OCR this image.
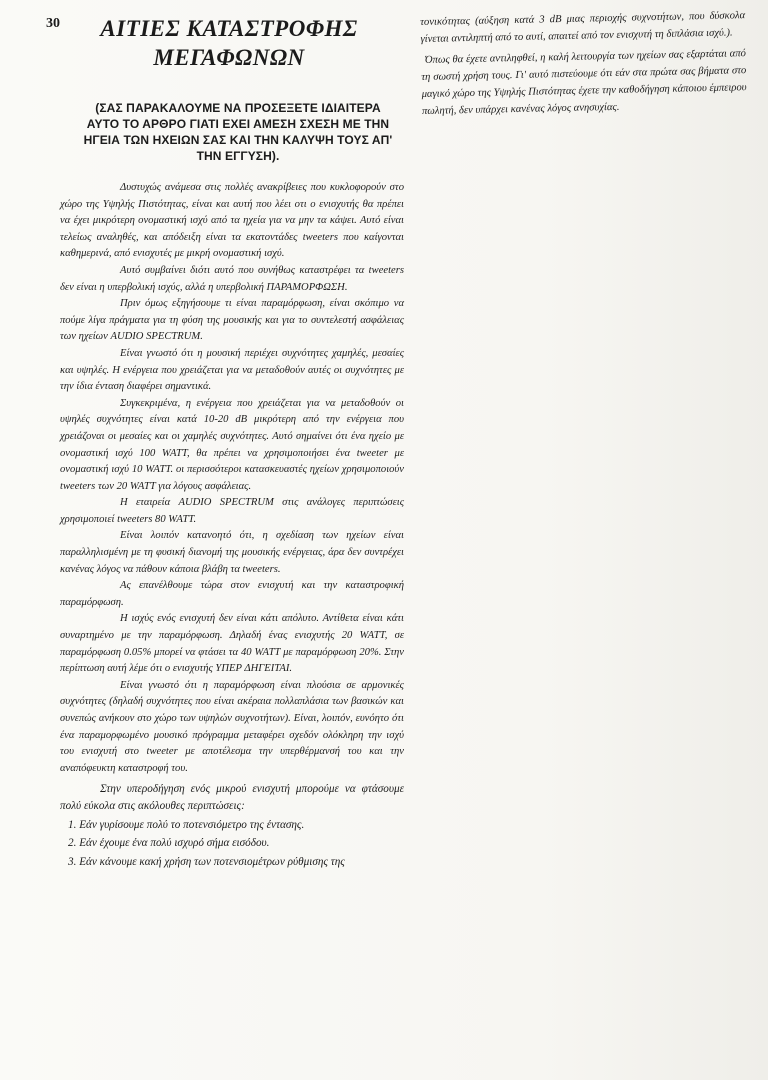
30	ΑΙΤΙΕΣ ΚΑΤΑΣΤΡΟΦΗΣ
ΜΕΓΑΦΩΝΩΝ
(ΣΑΣ ΠΑΡΑΚΑΛΟΥΜΕ ΝΑ ΠΡΟΣΕΞΕΤΕ ΙΔΙΑΙΤΕΡΑ ΑΥΤΟ ΤΟ ΑΡΘΡΟ ΓΙΑΤΙ ΕΧΕΙ ΑΜΕΣΗ ΣΧΕΣΗ ΜΕ ΤΗΝ ΗΓΕΙΑ ΤΩΝ ΗΧΕΙΩΝ ΣΑΣ ΚΑΙ ΤΗΝ ΚΑΛΥΨΗ ΤΟΥΣ ΑΠ' ΤΗΝ ΕΓΓΥΣΗ).

Δυστυχώς ανάμεσα στις πολλές ανακρίβειες που κυκλοφορούν στο χώρο της Υψηλής Πιστότητας, είναι και αυτή που λέει οτι ο ενισχυτής θα πρέπει να έχει μικρότερη ονομαστική ισχύ από τα ηχεία για να μην τα κάψει. Αυτό είναι τελείως αναληθές, και απόδειξη είναι τα εκατοντάδες tweeters που καίγονται καθημερινά, από ενισχυτές με μικρή ονομαστική ισχύ.

Αυτό συμβαίνει διότι αυτό που συνήθως καταστρέφει τα tweeters δεν είναι η υπερβολική ισχύς, αλλά η υπερβολική ΠΑΡΑΜΟΡΦΩΣΗ.

Πριν όμως εξηγήσουμε τι είναι παραμόρφωση, είναι σκόπιμο να πούμε λίγα πράγματα για τη φύση της μουσικής και για το συντελεστή ασφάλειας των ηχείων AUDIO SPECTRUM.

Είναι γνωστό ότι η μουσική περιέχει συχνότητες χαμηλές, μεσαίες και υψηλές. Η ενέργεια που χρειάζεται για να μεταδοθούν αυτές οι συχνότητες με την ίδια ένταση διαφέρει σημαντικά.

Συγκεκριμένα, η ενέργεια που χρειάζεται για να μεταδοθούν οι υψηλές συχνότητες είναι κατά 10-20 dB μικρότερη από την ενέργεια που χρειάζοναι οι μεσαίες και οι χαμηλές συχνότητες. Αυτό σημαίνει ότι ένα ηχείο με ονομαστική ισχύ 100 WATT, θα πρέπει να χρησιμοποιήσει ένα tweeter με ονομαστική ισχύ 10 WATT. οι περισσότεροι κατασκευαστές ηχείων χρησιμοποιούν tweeters των 20 WATT για λόγους ασφάλειας.

Η εταιρεία AUDIO SPECTRUM στις ανάλογες περιπτώσεις χρησιμοποιεί tweeters 80 WATT.

Είναι λοιπόν κατανοητό ότι, η σχεδίαση των ηχείων είναι παραλληλισμένη με τη φυσική διανομή της μουσικής ενέργειας, άρα δεν συντρέχει κανένας λόγος να πάθουν κάποια βλάβη τα tweeters.

Ας επανέλθουμε τώρα στον ενισχυτή και την καταστροφική παραμόρφωση.

Η ισχύς ενός ενισχυτή δεν είναι κάτι απόλυτο. Αντίθετα είναι κάτι συναρτημένο με την παραμόρφωση. Δηλαδή ένας ενισχυτής 20 WATT, σε παραμόρφωση 0.05% μπορεί να φτάσει τα 40 WATT με παραμόρφωση 20%. Στην περίπτωση αυτή λέμε ότι ο ενισχυτής ΥΠΕΡ ΔΗΓΕΙΤΑΙ.

Είναι γνωστό ότι η παραμόρφωση είναι πλούσια σε αρμονικές συχνότητες (δηλαδή συχνότητες που είναι ακέραια πολλαπλάσια των βασικών και συνεπώς ανήκουν στο χώρο των υψηλών συχνοτήτων). Είναι, λοιπόν, ευνόητο ότι ένα παραμορφωμένο μουσικό πρόγραμμα μεταφέρει σχεδόν ολόκληρη την ισχύ του ενισχυτή στο tweeter με αποτέλεσμα την υπερθέρμανσή του και την αναπόφευκτη καταστροφή του.

Στην υπεροδήγηση ενός μικρού ενισχυτή μπορούμε να φτάσουμε πολύ εύκολα στις ακόλουθες περιπτώσεις:

1. Εάν γυρίσουμε πολύ το ποτενσιόμετρο της έντασης.

2. Εάν έχουμε ένα πολύ ισχυρό σήμα εισόδου.

3. Εάν κάνουμε κακή χρήση των ποτενσιομέτρων ρύθμισης της

τονικότητας (αύξηση κατά 3 dB μιας περιοχής συχνοτήτων, που δύσκολα γίνεται αντιληπτή από το αυτί, απαιτεί από τον ενισχυτή τη διπλάσια ισχύ.).

Όπως θα έχετε αντιληφθεί, η καλή λειτουργία των ηχείων σας εξαρτάται από τη σωστή χρήση τους. Γι' αυτό πιστεύουμε ότι εάν στα πρώτα σας βήματα στο μαγικό χώρο της Υψηλής Πιστότητας έχετε την καθοδήγηση κάποιου έμπειρου πωλητή, δεν υπάρχει κανένας λόγος ανησυχίας.
